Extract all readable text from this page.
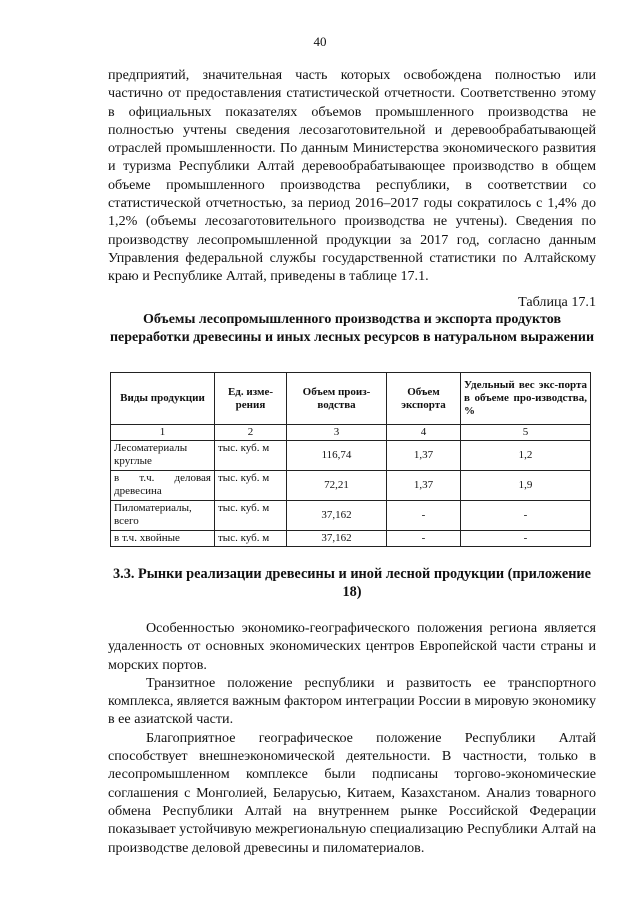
40
предприятий, значительная часть которых освобождена полностью или частично от предоставления статистической отчетности. Соответственно этому в официальных показателях объемов промышленного производства не полностью учтены сведения лесозаготовительной и деревообрабатывающей отраслей промышленности. По данным Министерства экономического развития и туризма Республики Алтай деревообрабатывающее производство в общем объеме промышленного производства республики, в соответствии со статистической отчетностью, за период 2016–2017 годы сократилось с 1,4% до 1,2% (объемы лесозаготовительного производства не учтены). Сведения по производству лесопромышленной продукции за 2017 год, согласно данным Управления федеральной службы государственной статистики по Алтайскому краю и Республике Алтай, приведены в таблице 17.1.
Таблица 17.1
Объемы лесопромышленного производства и экспорта продуктов переработки древесины и иных лесных ресурсов в натуральном выражении
Виды продукции	Ед. изме-рения	Объем произ-водства	Объем экспорта	Удельный вес экс-порта в объеме про-изводства, %
1	2	3	4	5
Лесоматериалы круглые	тыс. куб. м	116,74	1,37	1,2
в т.ч. деловая древесина	тыс. куб. м	72,21	1,37	1,9
Пиломатериалы, всего	тыс. куб. м	37,162	-	-
в т.ч. хвойные	тыс. куб. м	37,162	-	-
3.3. Рынки реализации древесины и иной лесной продукции (приложение 18)

Особенностью экономико-географического положения региона является удаленность от основных экономических центров Европейской части страны и морских портов.

Транзитное положение республики и развитость ее транспортного комплекса, является важным фактором интеграции России в мировую экономику в ее азиатской части.

Благоприятное географическое положение Республики Алтай способствует внешнеэкономической деятельности. В частности, только в лесопромышленном комплексе были подписаны торгово-экономические соглашения с Монголией, Беларусью, Китаем, Казахстаном. Анализ товарного обмена Республики Алтай на внутреннем рынке Российской Федерации показывает устойчивую межрегиональную специализацию Республики Алтай на производстве деловой древесины и пиломатериалов.
